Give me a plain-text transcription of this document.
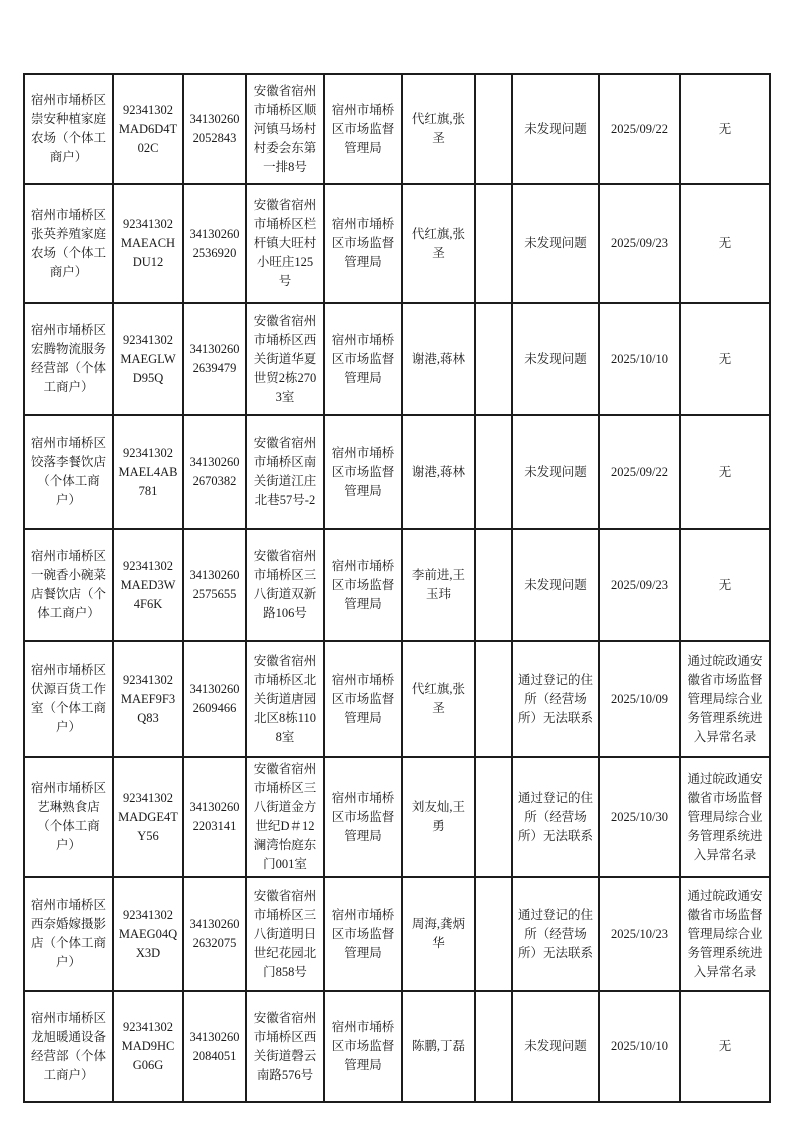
宿州市埇桥区崇安种植家庭农场（个体工商户）	92341302MAD6D4T02C	341302602052843	安徽省宿州市埇桥区顺河镇马场村村委会东第一排8号	宿州市埇桥区市场监督管理局	代红旗,张圣		未发现问题	2025/09/22	无
宿州市埇桥区张英养殖家庭农场（个体工商户）	92341302MAEACHDU12	341302602536920	安徽省宿州市埇桥区栏杆镇大旺村小旺庄125号	宿州市埇桥区市场监督管理局	代红旗,张圣		未发现问题	2025/09/23	无
宿州市埇桥区宏腾物流服务经营部（个体工商户）	92341302MAEGLWD95Q	341302602639479	安徽省宿州市埇桥区西关街道华夏世贸2栋2703室	宿州市埇桥区市场监督管理局	谢港,蒋林		未发现问题	2025/10/10	无
宿州市埇桥区饺落李餐饮店（个体工商户）	92341302MAEL4AB781	341302602670382	安徽省宿州市埇桥区南关街道江庄北巷57号-2	宿州市埇桥区市场监督管理局	谢港,蒋林		未发现问题	2025/09/22	无
宿州市埇桥区一碗香小碗菜店餐饮店（个体工商户）	92341302MAED3W4F6K	341302602575655	安徽省宿州市埇桥区三八街道双新路106号	宿州市埇桥区市场监督管理局	李前进,王玉玮		未发现问题	2025/09/23	无
宿州市埇桥区伏源百货工作室（个体工商户）	92341302MAEF9F3Q83	341302602609466	安徽省宿州市埇桥区北关街道唐园北区8栋1108室	宿州市埇桥区市场监督管理局	代红旗,张圣		通过登记的住所（经营场所）无法联系	2025/10/09	通过皖政通安徽省市场监督管理局综合业务管理系统进入异常名录
宿州市埇桥区艺琳熟食店（个体工商户）	92341302MADGE4TY56	341302602203141	安徽省宿州市埇桥区三八街道金方世纪D＃12澜湾怡庭东门001室	宿州市埇桥区市场监督管理局	刘友灿,王勇		通过登记的住所（经营场所）无法联系	2025/10/30	通过皖政通安徽省市场监督管理局综合业务管理系统进入异常名录
宿州市埇桥区西奈婚嫁摄影店（个体工商户）	92341302MAEG04QX3D	341302602632075	安徽省宿州市埇桥区三八街道明日世纪花园北门858号	宿州市埇桥区市场监督管理局	周海,龚炳华		通过登记的住所（经营场所）无法联系	2025/10/23	通过皖政通安徽省市场监督管理局综合业务管理系统进入异常名录
宿州市埇桥区龙旭暖通设备经营部（个体工商户）	92341302MAD9HCG06G	341302602084051	安徽省宿州市埇桥区西关街道磬云南路576号	宿州市埇桥区市场监督管理局	陈鹏,丁磊		未发现问题	2025/10/10	无
